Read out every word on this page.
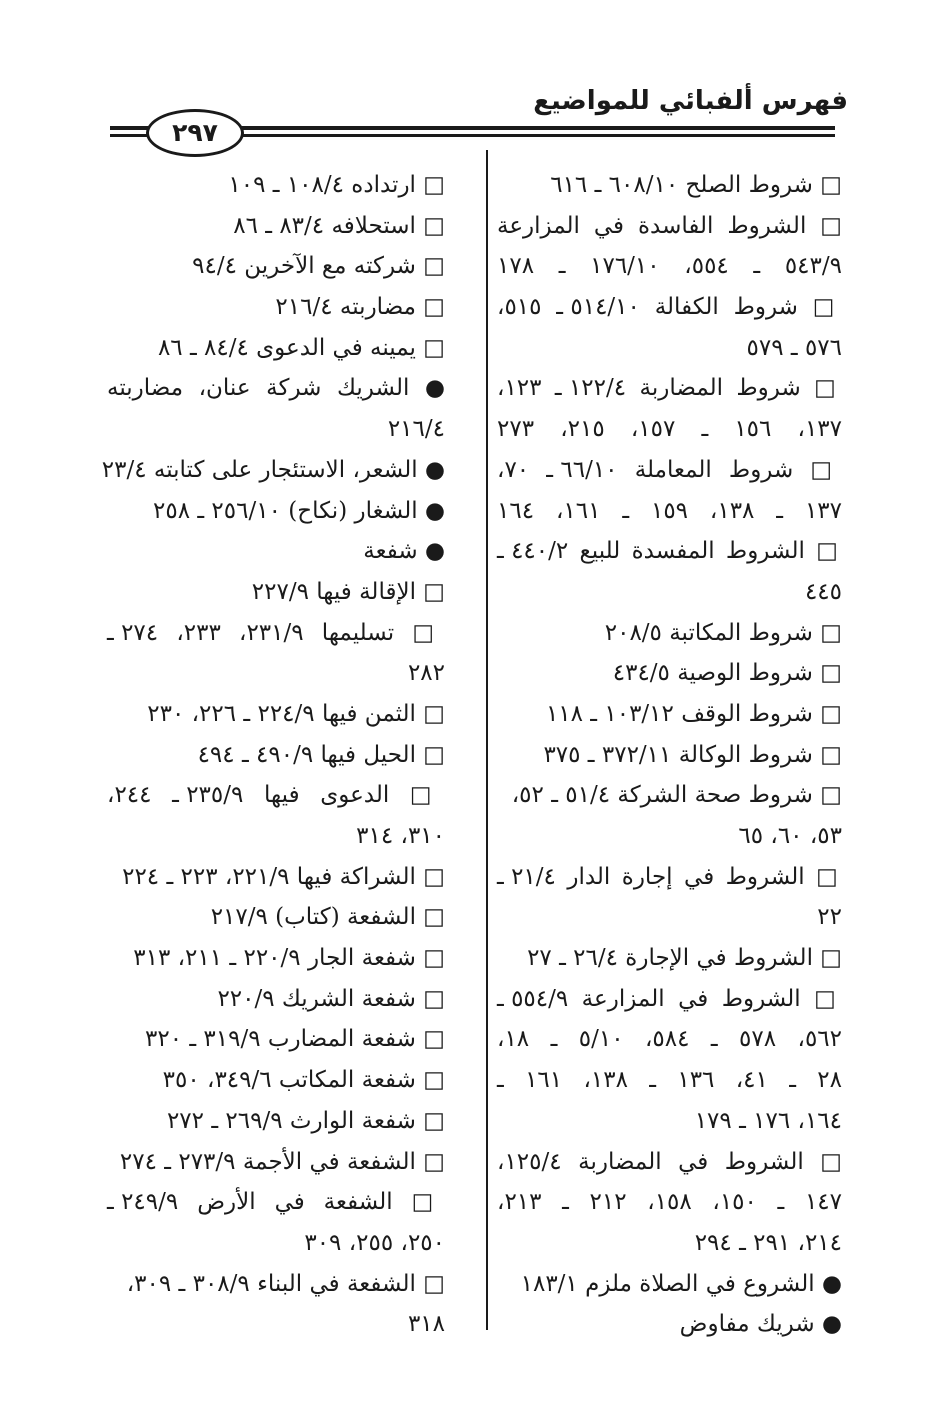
فهرس ألفبائي للمواضيع
٢٩٧
□ شروط الصلح ٦٠٨/١٠ ـ ٦١٦
□ الشروط الفاسدة في المزارعة
٥٤٣/٩ ـ ٥٥٤، ١٧٦/١٠ ـ ١٧٨
□ شروط الكفالة ٥١٤/١٠ ـ ٥١٥،
٥٧٦ ـ ٥٧٩
□ شروط المضاربة ١٢٢/٤ ـ ١٢٣،
١٣٧، ١٥٦ ـ ١٥٧، ٢١٥، ٢٧٣
□ شروط المعاملة ٦٦/١٠ ـ ٧٠،
١٣٧ ـ ١٣٨، ١٥٩ ـ ١٦١، ١٦٤
□ الشروط المفسدة للبيع ٤٤٠/٢ ـ
٤٤٥
□ شروط المكاتبة ٢٠٨/٥
□ شروط الوصية ٤٣٤/٥
□ شروط الوقف ١٠٣/١٢ ـ ١١٨
□ شروط الوكالة ٣٧٢/١١ ـ ٣٧٥
□ شروط صحة الشركة ٥١/٤ ـ ٥٢،
٥٣، ٦٠، ٦٥
□ الشروط في إجارة الدار ٢١/٤ ـ
٢٢
□ الشروط في الإجارة ٢٦/٤ ـ ٢٧
□ الشروط في المزارعة ٥٥٤/٩ ـ
٥٦٢، ٥٧٨ ـ ٥٨٤، ٥/١٠ ـ ١٨،
٢٨ ـ ٤١، ١٣٦ ـ ١٣٨، ١٦١ ـ
١٦٤، ١٧٦ ـ ١٧٩
□ الشروط في المضاربة ١٢٥/٤،
١٤٧ ـ ١٥٠، ١٥٨، ٢١٢ ـ ٢١٣،
٢١٤، ٢٩١ ـ ٢٩٤
● الشروع في الصلاة ملزم ١٨٣/١
● شريك مفاوض
□ ارتداده ١٠٨/٤ ـ ١٠٩
□ استحلافه ٨٣/٤ ـ ٨٦
□ شركته مع الآخرين ٩٤/٤
□ مضاربته ٢١٦/٤
□ يمينه في الدعوى ٨٤/٤ ـ ٨٦
● الشريك شركة عنان، مضاربته
٢١٦/٤
● الشعر، الاستئجار على كتابته ٢٣/٤
● الشغار (نكاح) ٢٥٦/١٠ ـ ٢٥٨
● شفعة
□ الإقالة فيها ٢٢٧/٩
□ تسليمها ٢٣١/٩، ٢٣٣، ٢٧٤ ـ
٢٨٢
□ الثمن فيها ٢٢٤/٩ ـ ٢٢٦، ٢٣٠
□ الحيل فيها ٤٩٠/٩ ـ ٤٩٤
□ الدعوى فيها ٢٣٥/٩ ـ ٢٤٤،
٣١٠، ٣١٤
□ الشراكة فيها ٢٢١/٩، ٢٢٣ ـ ٢٢٤
□ الشفعة (كتاب) ٢١٧/٩
□ شفعة الجار ٢٢٠/٩ ـ ٢١١، ٣١٣
□ شفعة الشريك ٢٢٠/٩
□ شفعة المضارب ٣١٩/٩ ـ ٣٢٠
□ شفعة المكاتب ٣٤٩/٦، ٣٥٠
□ شفعة الوارث ٢٦٩/٩ ـ ٢٧٢
□ الشفعة في الأجمة ٢٧٣/٩ ـ ٢٧٤
□ الشفعة في الأرض ٢٤٩/٩ ـ
٢٥٠، ٢٥٥، ٣٠٩
□ الشفعة في البناء ٣٠٨/٩ ـ ٣٠٩،
٣١٨
